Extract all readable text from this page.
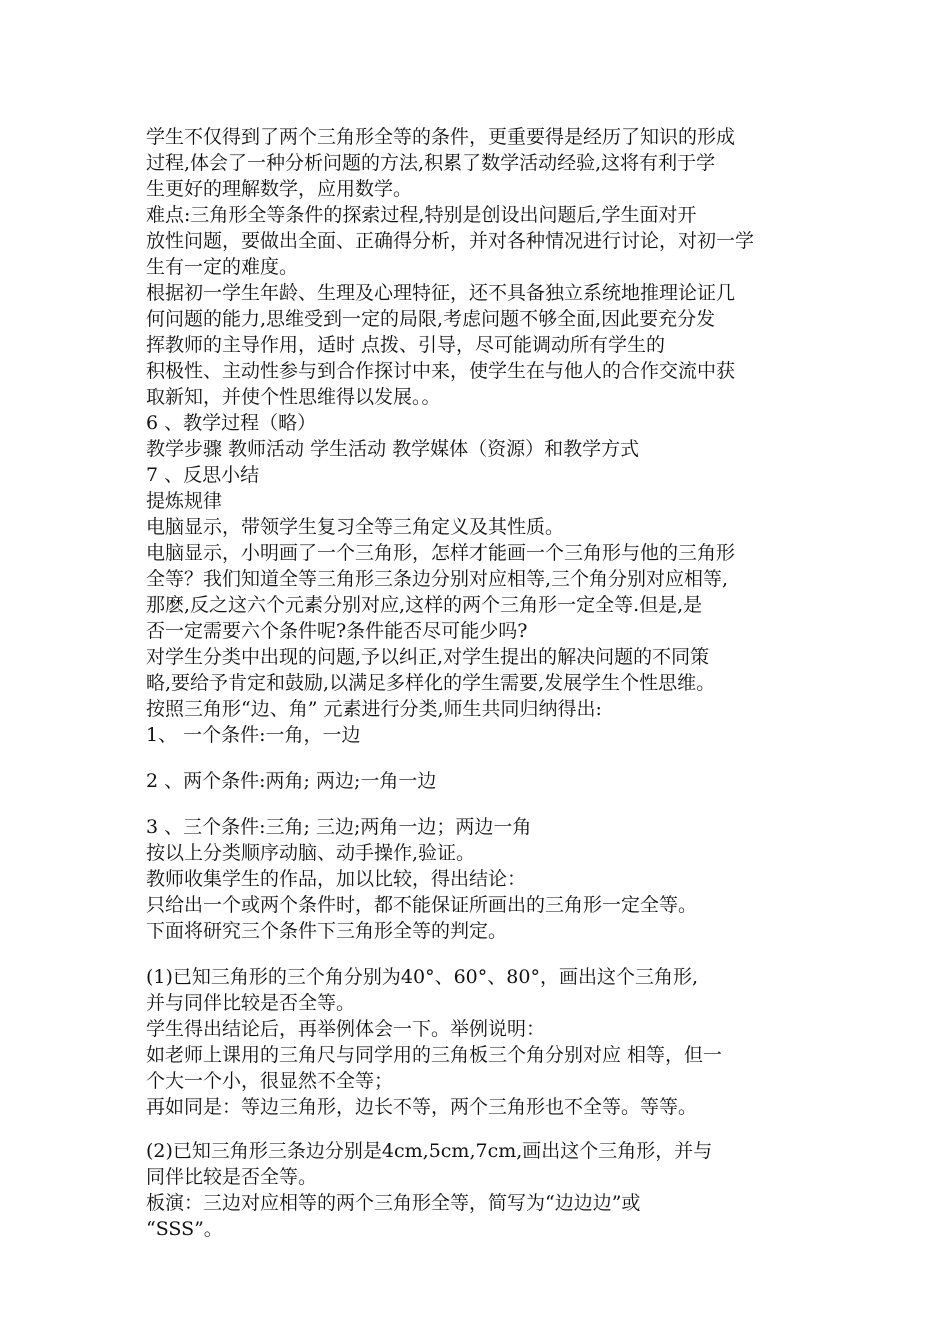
学生不仅得到了两个三角形全等的条件，更重要得是经历了知识的形成
过程,体会了一种分析问题的方法,积累了数学活动经验,这将有利于学
生更好的理解数学，应用数学。
难点:三角形全等条件的探索过程,特别是创设出问题后,学生面对开
放性问题，要做出全面、正确得分析，并对各种情况进行讨论，对初一学
生有一定的难度。
根据初一学生年龄、生理及心理特征，还不具备独立系统地推理论证几
何问题的能力,思维受到一定的局限,考虑问题不够全面,因此要充分发
挥教师的主导作用，适时 点拨、引导，尽可能调动所有学生的
积极性、主动性参与到合作探讨中来，使学生在与他人的合作交流中获
取新知，并使个性思维得以发展。。
6 、教学过程（略）
教学步骤 教师活动 学生活动 教学媒体（资源）和教学方式
7 、反思小结
提炼规律
电脑显示，带领学生复习全等三角定义及其性质。
电脑显示，小明画了一个三角形，怎样才能画一个三角形与他的三角形
全等？我们知道全等三角形三条边分别对应相等,三个角分别对应相等,
那麽,反之这六个元素分别对应,这样的两个三角形一定全等.但是,是
否一定需要六个条件呢?条件能否尽可能少吗?
对学生分类中出现的问题,予以纠正,对学生提出的解决问题的不同策
略,要给予肯定和鼓励,以满足多样化的学生需要,发展学生个性思维。
按照三角形“边、角” 元素进行分类,师生共同归纳得出:
1、 一个条件:一角，一边
2 、两个条件:两角; 两边;一角一边
3 、三个条件:三角; 三边;两角一边；两边一角
按以上分类顺序动脑、动手操作,验证。
教师收集学生的作品，加以比较，得出结论：
只给出一个或两个条件时，都不能保证所画出的三角形一定全等。
下面将研究三个条件下三角形全等的判定。
(1)已知三角形的三个角分别为40°、60°、80°，画出这个三角形,
并与同伴比较是否全等。
学生得出结论后，再举例体会一下。举例说明：
如老师上课用的三角尺与同学用的三角板三个角分别对应 相等，但一
个大一个小，很显然不全等；
再如同是：等边三角形，边长不等，两个三角形也不全等。等等。
(2)已知三角形三条边分别是4cm,5cm,7cm,画出这个三角形，并与
同伴比较是否全等。
板演：三边对应相等的两个三角形全等，简写为“边边边”或
“SSS”。
